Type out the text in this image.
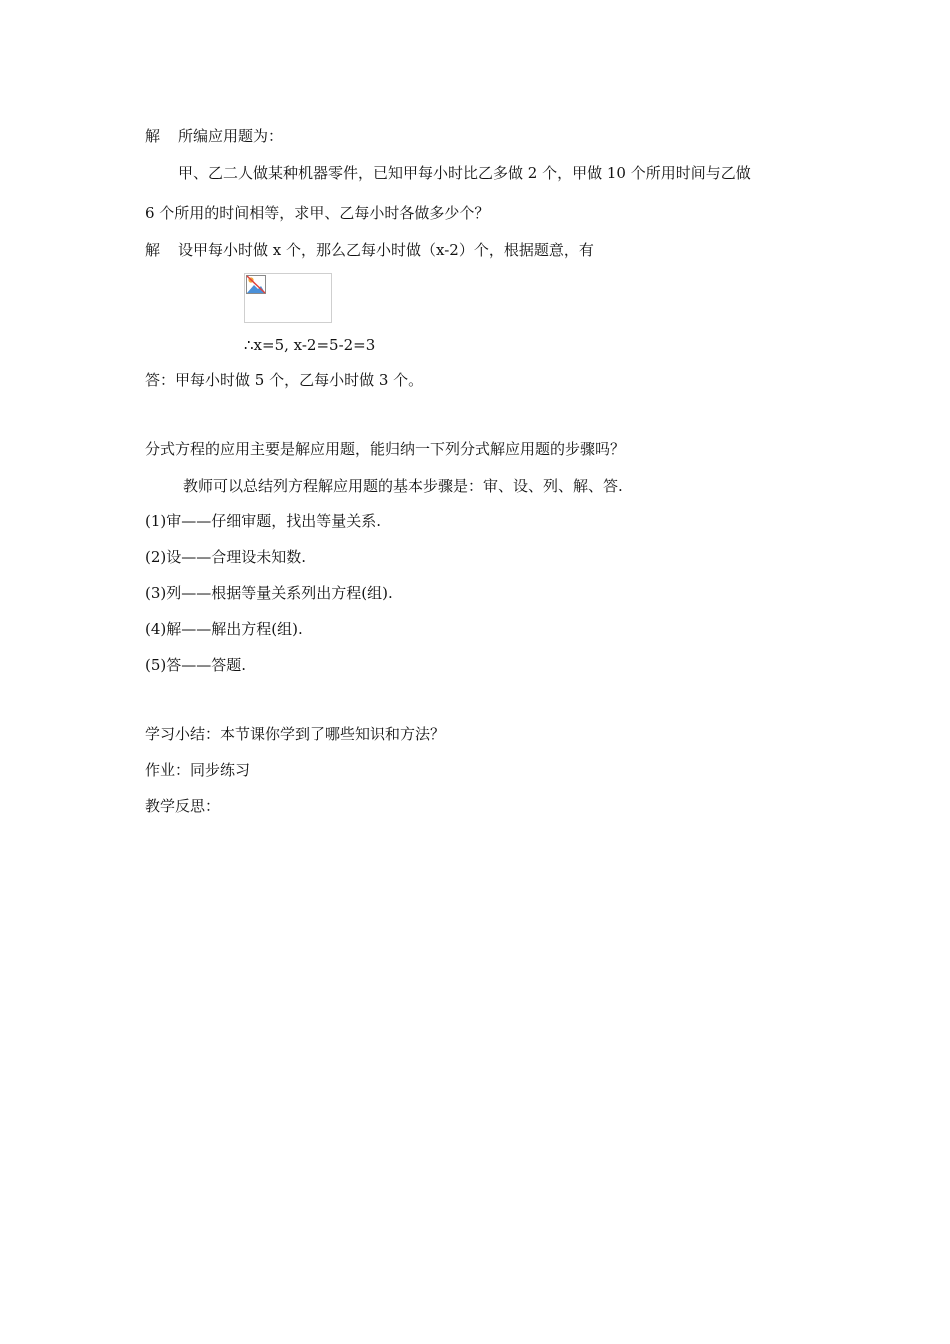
解 所编应用题为：
甲、乙二人做某种机器零件，已知甲每小时比乙多做 2 个，甲做 10 个所用时间与乙做
6 个所用的时间相等，求甲、乙每小时各做多少个？
解 设甲每小时做 x 个，那么乙每小时做（x-2）个，根据题意，有
∴x=5, x-2=5-2=3
答：甲每小时做 5 个，乙每小时做 3 个。
分式方程的应用主要是解应用题，能归纳一下列分式解应用题的步骤吗？
教师可以总结列方程解应用题的基本步骤是：审、设、列、解、答.
(1)审——仔细审题，找出等量关系.
(2)设——合理设未知数.
(3)列——根据等量关系列出方程(组).
(4)解——解出方程(组).
(5)答——答题.
学习小结：本节课你学到了哪些知识和方法？
作业：同步练习
教学反思：
